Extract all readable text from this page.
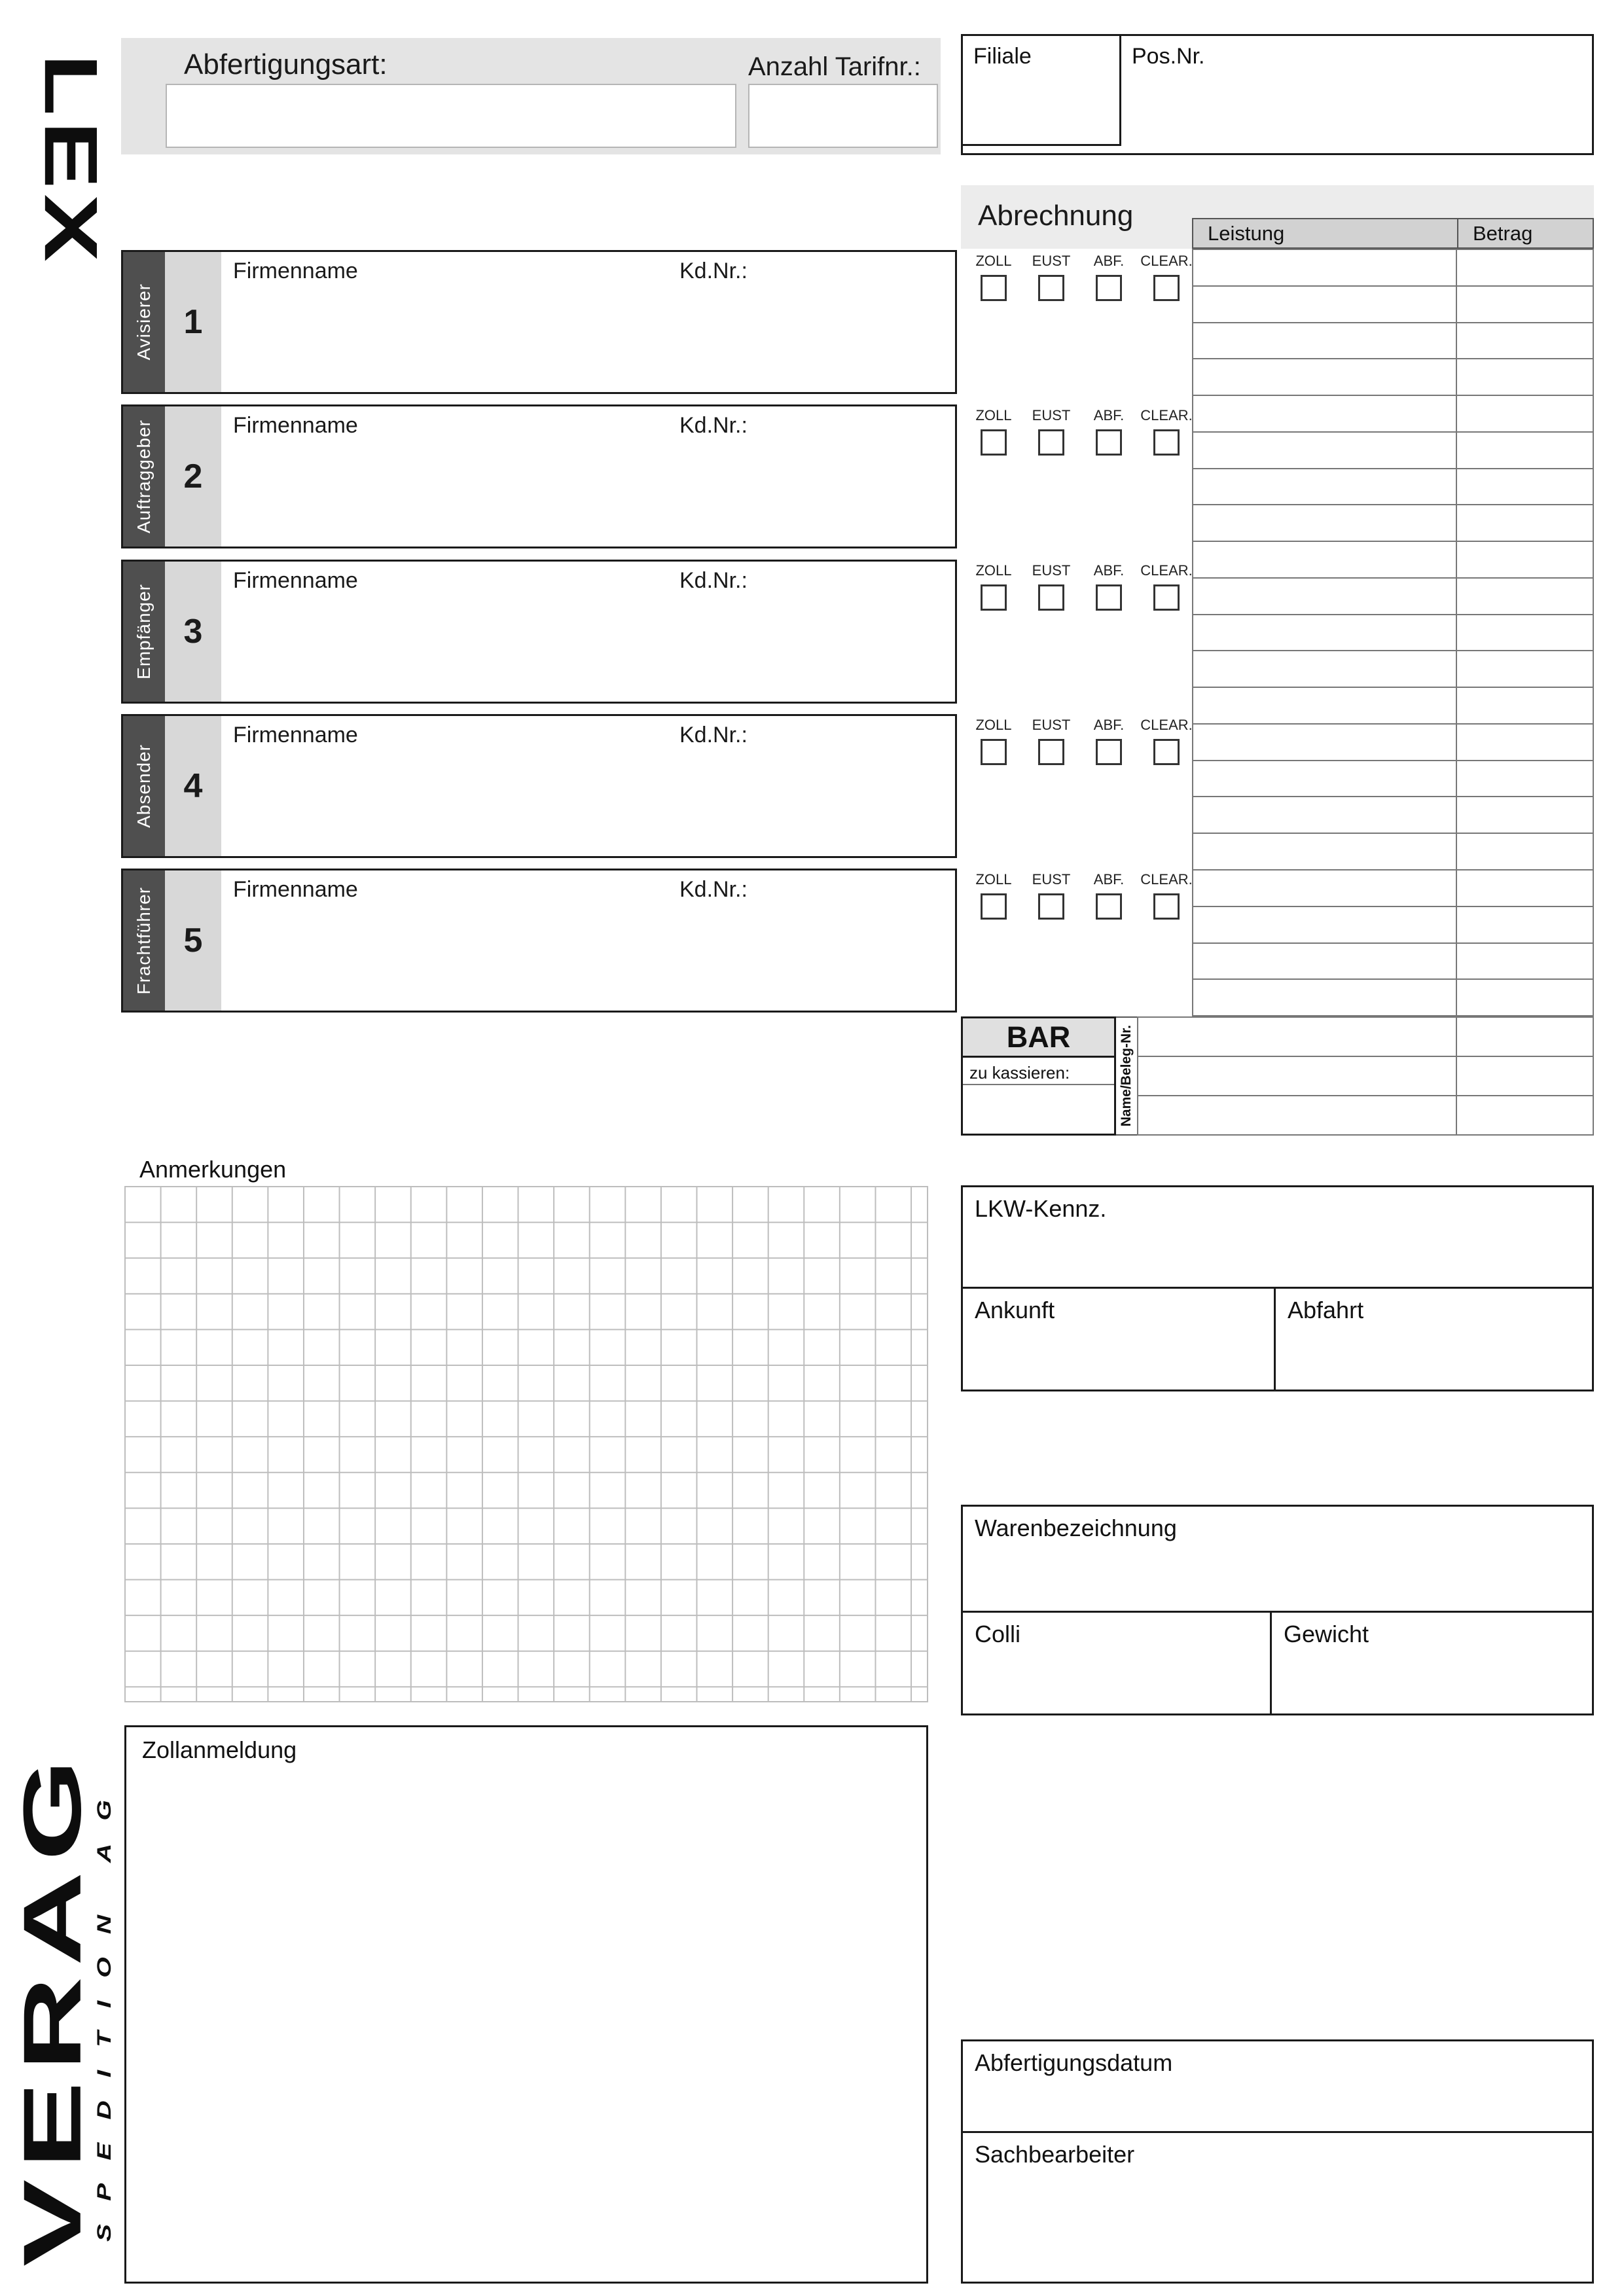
LEX Abfertigungsart:	Anzahl Tarifnr.:	Filiale	Pos.Nr.
Abrechnung
Leistung	Betrag
Avisierer 1
Firmenname	Kd.Nr.:	ZOLL EUST ABF. CLEAR.
Auftraggeber 2
Firmenname	Kd.Nr.:	ZOLL EUST ABF. CLEAR.
Empfänger 3
Firmenname	Kd.Nr.:	ZOLL EUST ABF. CLEAR.
Absender 4
Firmenname	Kd.Nr.:	ZOLL EUST ABF. CLEAR.
Frachtführer 5
Firmenname	Kd.Nr.:	ZOLL EUST ABF. CLEAR.
BAR
zu kassieren:	Name/Beleg-Nr.
Anmerkungen
LKW-Kennz.
Ankunft	Abfahrt
Warenbezeichnung
Colli	Gewicht
VERAG
SPEDITION AG
Zollanmeldung
Abfertigungsdatum
Sachbearbeiter
